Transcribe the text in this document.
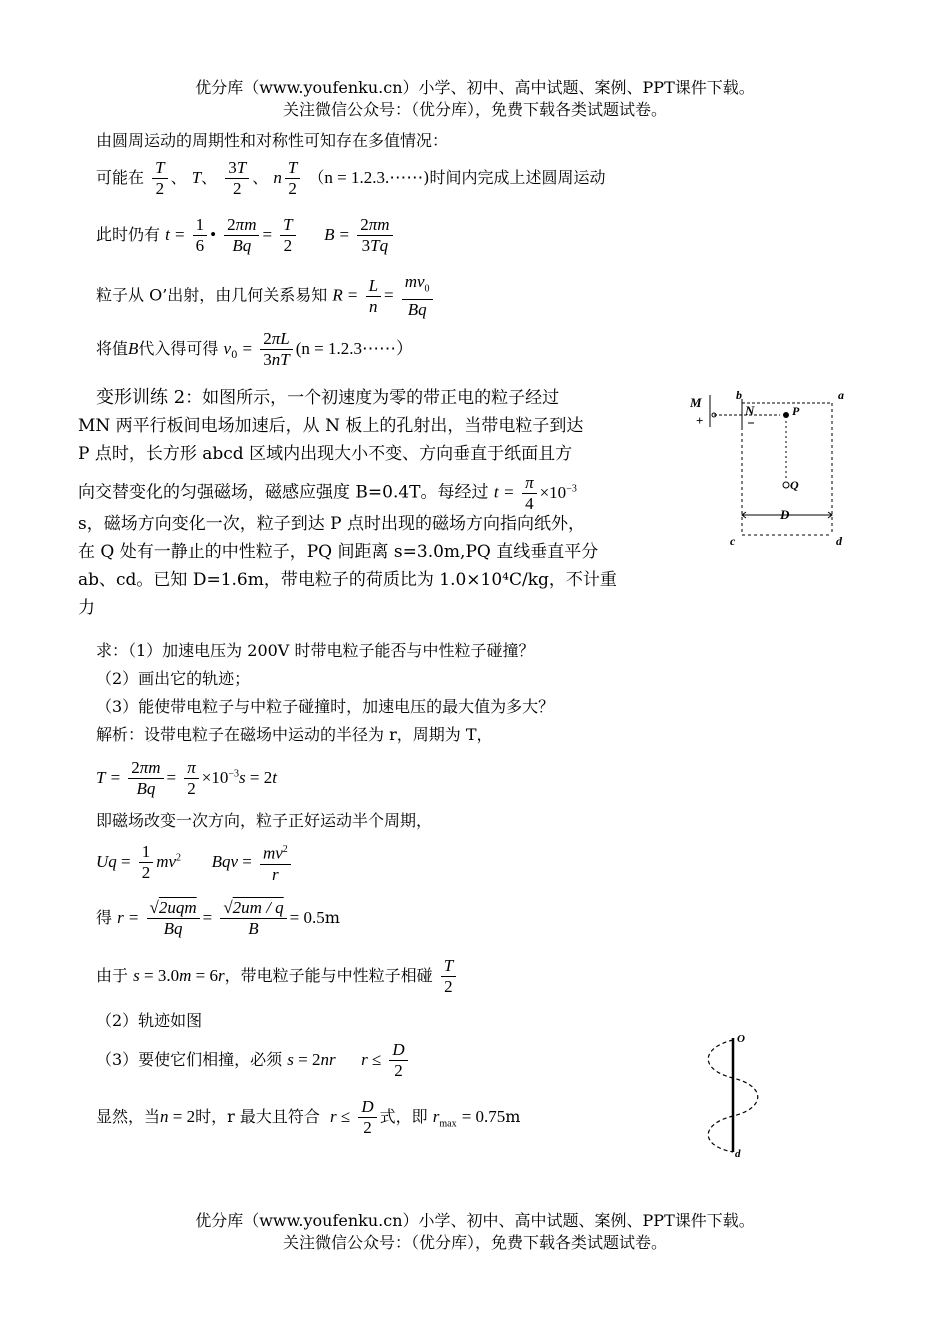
优分库（www.youfenku.cn）小学、初中、高中试题、案例、PPT课件下载。
关注微信公众号：（优分库），免费下载各类试题试卷。
由圆周运动的周期性和对称性可知存在多值情况：
可能在 $\frac{T}{2}$ 、 T、 $\frac{3T}{2}$ 、 n $\frac{T}{2} (n$ = 1.2.3.⋯⋯)时间内完成上述圆周运动
此时仍有 $t = \frac{1}{6}$ • $\frac{2\pi m}{Bq} = \frac{T}{2}$ $B = \frac{2\pi m}{3Tq}$
粒子从 O’出射，由几何关系易知 $R = \frac{L}{n} = \frac{mv_0}{Bq}$
将值B代入得可得 $v_0 = \frac{2\pi L}{3nT} (n$ = 1.2.3⋯⋯）
变形训练 2：如图所示，一个初速度为零的带正电的粒子经过
MN 两平行板间电场加速后，从 N 板上的孔射出，当带电粒子到达
P 点时，长方形 abcd 区域内出现大小不变、方向垂直于纸面且方
向交替变化的匀强磁场，磁感应强度 B=0.4T。每经过 $t = \frac{\pi}{4} \times 10^{-3}$
s，磁场方向变化一次，粒子到达 P 点时出现的磁场方向指向纸外，
在 Q 处有一静止的中性粒子，PQ 间距离 s=3.0m,PQ 直线垂直平分
ab、cd。已知 D=1.6m，带电粒子的荷质比为 1.0×10⁴C/kg，不计重
力
求：（1）加速电压为 200V 时带电粒子能否与中性粒子碰撞？
（2）画出它的轨迹；
（3）能使带电粒子与中粒子碰撞时，加速电压的最大值为多大？
M
N
b	a
P
Q
D
c	d
+
解析：设带电粒子在磁场中运动的半径为 r，周期为 T，
$T = \frac{2\pi m}{Bq} = \frac{\pi}{2} \times 10^{-3}s = 2t$
即磁场改变一次方向，粒子正好运动半个周期，
$Uq = \frac{1}{2} mv^2$ Bqv = $\frac{mv^2}{r}$
得 $r = \frac{\text{√2uqm}}{Bq} = \frac{√2um / q}{B} = 0.5m$
由于 s = 3.0m = 6r，带电粒子能与中性粒子相碰 $\frac{T}{2}$
（2）轨迹如图
（3）要使它们相撞，必须 s = 2nr $r \le \frac{D}{2}$
显然，当n = 2时，r 最大且符合 $r \le \frac{D}{2}$ 式，即 $r_{max} = 0.75m$
O
d
优分库（www.youfenku.cn）小学、初中、高中试题、案例、PPT课件下载。
关注微信公众号：（优分库），免费下载各类试题试卷。
